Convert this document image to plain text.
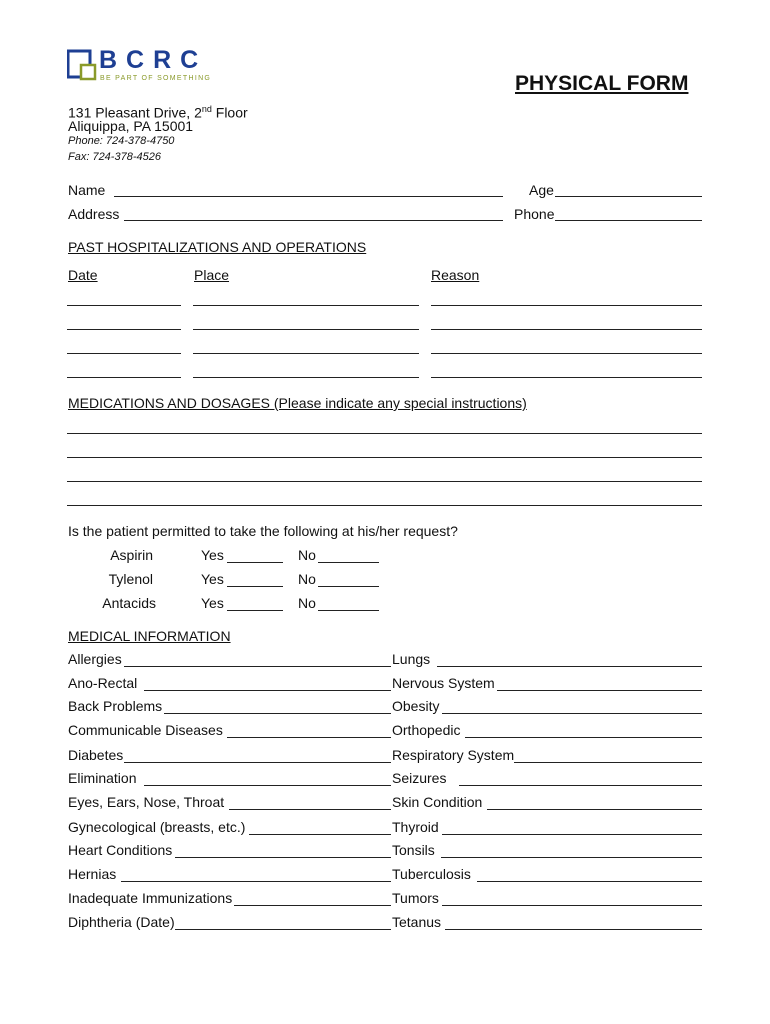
BCRC
BE PART OF SOMETHING	PHYSICAL FORM
131 Pleasant Drive, 2nd Floor
Aliquippa, PA 15001
Phone: 724-378-4750
Fax: 724-378-4526
Name	Age
Address	Phone
PAST HOSPITALIZATIONS AND OPERATIONS
Date	Place	Reason
MEDICATIONS AND DOSAGES (Please indicate any special instructions)
Is the patient permitted to take the following at his/her request?
Aspirin	Yes	No
Tylenol	Yes	No
Antacids	Yes	No
MEDICAL INFORMATION
Allergies	Lungs
Ano-Rectal	Nervous System
Back Problems	Obesity
Communicable Diseases	Orthopedic
Diabetes	Respiratory System
Elimination	Seizures
Eyes, Ears, Nose, Throat	Skin Condition
Gynecological (breasts, etc.)	Thyroid
Heart Conditions	Tonsils
Hernias	Tuberculosis
Inadequate Immunizations	Tumors
Diphtheria (Date)	Tetanus
